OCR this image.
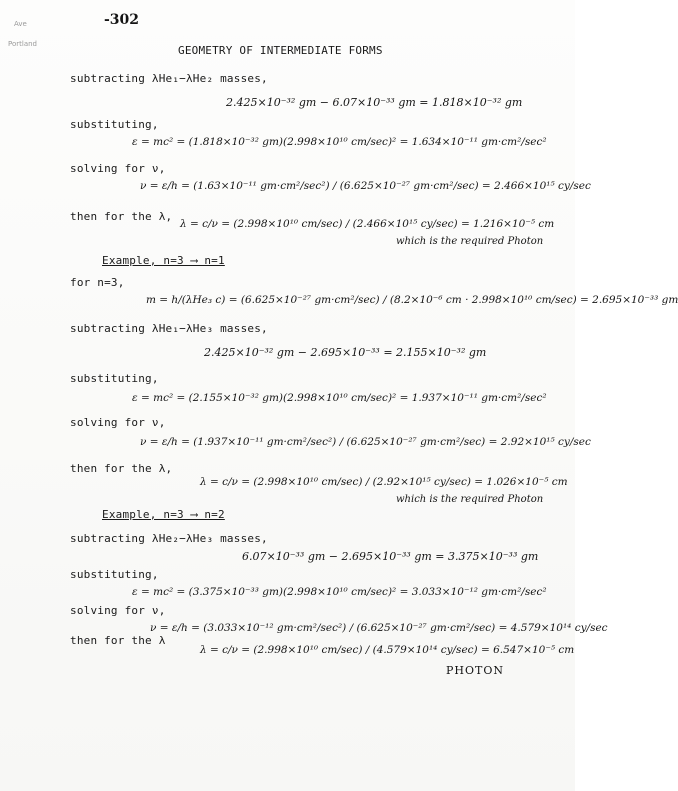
Ave
Portland
-302
GEOMETRY OF INTERMEDIATE FORMS
subtracting λHe₁−λHe₂ masses,
2.425×10⁻³² gm − 6.07×10⁻³³ gm = 1.818×10⁻³² gm
substituting,
ε = mc² = (1.818×10⁻³² gm)(2.998×10¹⁰ cm/sec)² = 1.634×10⁻¹¹ gm·cm²/sec²
solving for ν,
ν = ε/h = (1.63×10⁻¹¹ gm·cm²/sec²) / (6.625×10⁻²⁷ gm·cm²/sec) = 2.466×10¹⁵ cy/sec
then for the λ,
λ = c/ν = (2.998×10¹⁰ cm/sec) / (2.466×10¹⁵ cy/sec) = 1.216×10⁻⁵ cm
which is the required Photon
Example, n=3 ⟶ n=1
for n=3,
m = h/(λHe₃ c) = (6.625×10⁻²⁷ gm·cm²/sec) / (8.2×10⁻⁶ cm · 2.998×10¹⁰ cm/sec) = 2.695×10⁻³³ gm
subtracting λHe₁−λHe₃ masses,
2.425×10⁻³² gm − 2.695×10⁻³³ = 2.155×10⁻³² gm
substituting,
ε = mc² = (2.155×10⁻³² gm)(2.998×10¹⁰ cm/sec)² = 1.937×10⁻¹¹ gm·cm²/sec²
solving for ν,
ν = ε/h = (1.937×10⁻¹¹ gm·cm²/sec²) / (6.625×10⁻²⁷ gm·cm²/sec) = 2.92×10¹⁵ cy/sec
then for the λ,
λ = c/ν = (2.998×10¹⁰ cm/sec) / (2.92×10¹⁵ cy/sec) = 1.026×10⁻⁵ cm
which is the required Photon
Example, n=3 ⟶ n=2
subtracting λHe₂−λHe₃ masses,
6.07×10⁻³³ gm − 2.695×10⁻³³ gm = 3.375×10⁻³³ gm
substituting,
ε = mc² = (3.375×10⁻³³ gm)(2.998×10¹⁰ cm/sec)² = 3.033×10⁻¹² gm·cm²/sec²
solving for ν,
ν = ε/h = (3.033×10⁻¹² gm·cm²/sec²) / (6.625×10⁻²⁷ gm·cm²/sec) = 4.579×10¹⁴ cy/sec
then for the λ
λ = c/ν = (2.998×10¹⁰ cm/sec) / (4.579×10¹⁴ cy/sec) = 6.547×10⁻⁵ cm
PHOTON
